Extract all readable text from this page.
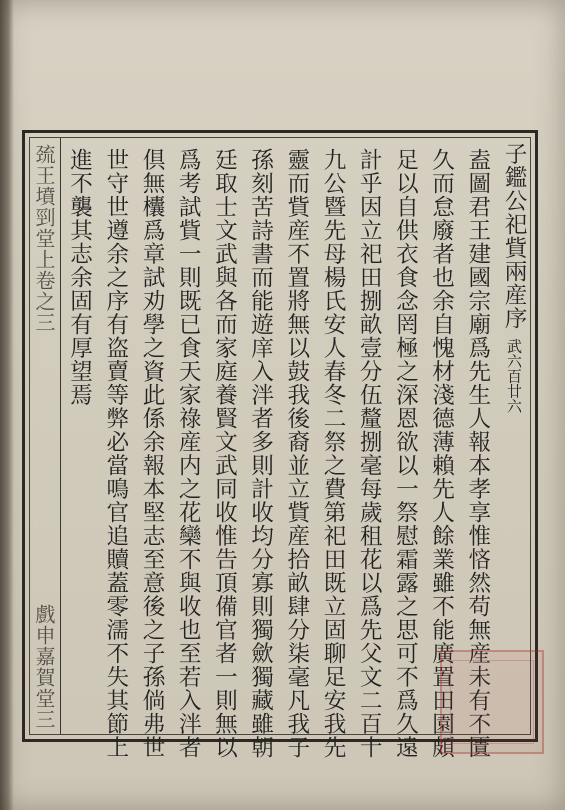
巯王墳剄堂上卷之三
戲申嘉賀堂三
子鑑公祀貲兩産序 武六百廿六
盍圖君王建國宗廟爲先生人報本孝享惟悋然苟無産未有不匱
久而怠廢者也余自愧材淺德薄賴先人餘業雖不能廣置田園頗
足以自供衣食念罔極之深恩欲以一祭慰霜露之思可不爲久遠
計乎因立祀田捌畝壹分伍釐捌毫每歲租花以爲先父文二百十
九公暨先母楊氏安人春冬二祭之費第祀田既立固聊足安我先
靈而貲産不置將無以鼓我後裔並立貲産拾畝肆分柒毫凡我子
孫刻苦詩書而能遊庠入泮者多則計收均分寡則獨歛獨藏雖朝
廷取士文武與各而家庭養賢文武同收惟告頂備官者一則無以
爲考試貲一則既已食天家祿産内之花欒不與收也至若入泮者
倶無欜爲章試劝學之資此係余報本堅志至意後之子孫倘弗世
世守世遵余之序有盗賣等弊必當鳴官追贖蓋零濡不失其節上
進不襲其志余固有厚望焉
